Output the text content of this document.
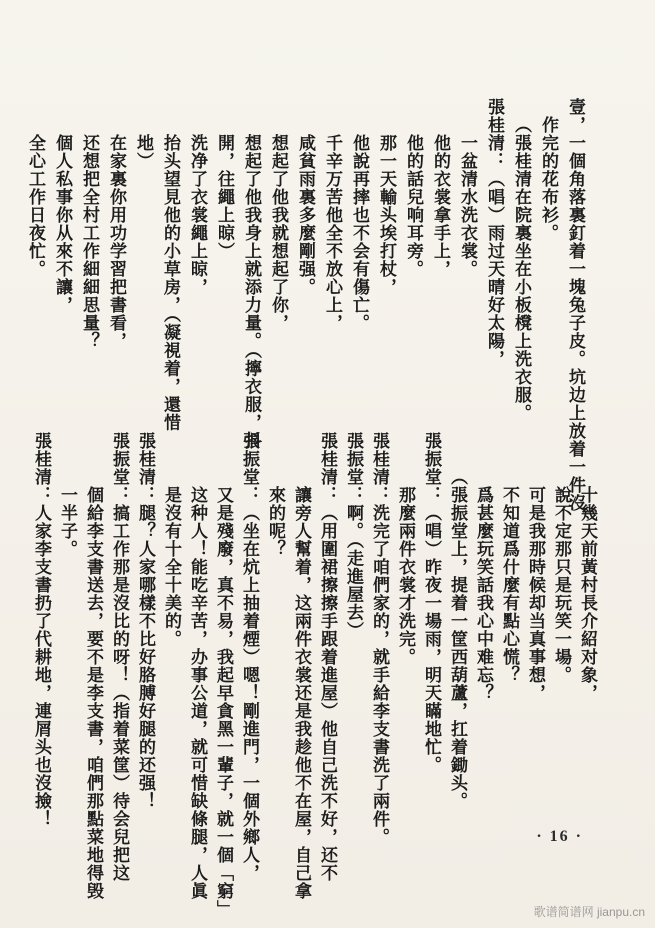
壹，一個角落裏釘着一塊兔子皮。坑边上放着一件沒
作完的花布衫。
（張桂清在院裏坐在小板櫈上洗衣服。
張桂清：（唱）雨过天晴好太陽，
一盆清水洗衣裳。
他的衣裳拿手上，
他的話兒响耳旁。
那一天輸头埃打杖，
他說再摔也不会有傷亡。
千辛万苦他全不放心上，
咸貧雨裏多麼剛强。
想起了他我就想起了你，
想起了他我身上就添力量。（擰衣服，抖
開，往繩上晾）
洗净了衣裳繩上晾，
抬头望見他的小草房，（凝視着，還惜
地）
在家裏你用功学習把書看，
还想把全村工作細細思量？
個人私事你从來不讓，
全心工作日夜忙。
十幾天前黃村長介紹对象，
說不定那只是玩笑一場。
可是我那時候却当真事想，
不知道爲什麼有點心慌？
爲甚麼玩笑話我心中难忘？
（張振堂上，提着一筐西葫蘆，扛着鋤头。
張振堂：（唱）昨夜一場雨，明天瞞地忙。
那麼兩件衣裳才洗完。
張桂清：洗完了咱們家的，就手給李支書洗了兩件。
張振堂：啊。（走進屋去）
張桂清：（用圍裙擦擦手跟着進屋）他自己洗不好，还不
讓旁人幫着，这兩件衣裳还是我趁他不在屋，自己拿
來的呢？
張振堂：（坐在炕上抽着煙）嗯！剛進門，一個外鄉人，
又是殘廢，真不易，我起早貪黑一輩子，就一個「窮」
这种人！能吃辛苦，办事公道，就可惜缺條腿，人眞
是沒有十全十美的。
張桂清：腿？人家哪樣不比好胳膊好腿的还强！
張振堂：搞工作那是沒比的呀！（指着菜筐）待会兒把这
個給李支書送去，要不是李支書，咱們那點菜地得毁
一半子。
張桂清：人家李支書扔了代耕地，連屑头也沒撿！
· 16 ·
歌谱简谱网 jianpu.cn
